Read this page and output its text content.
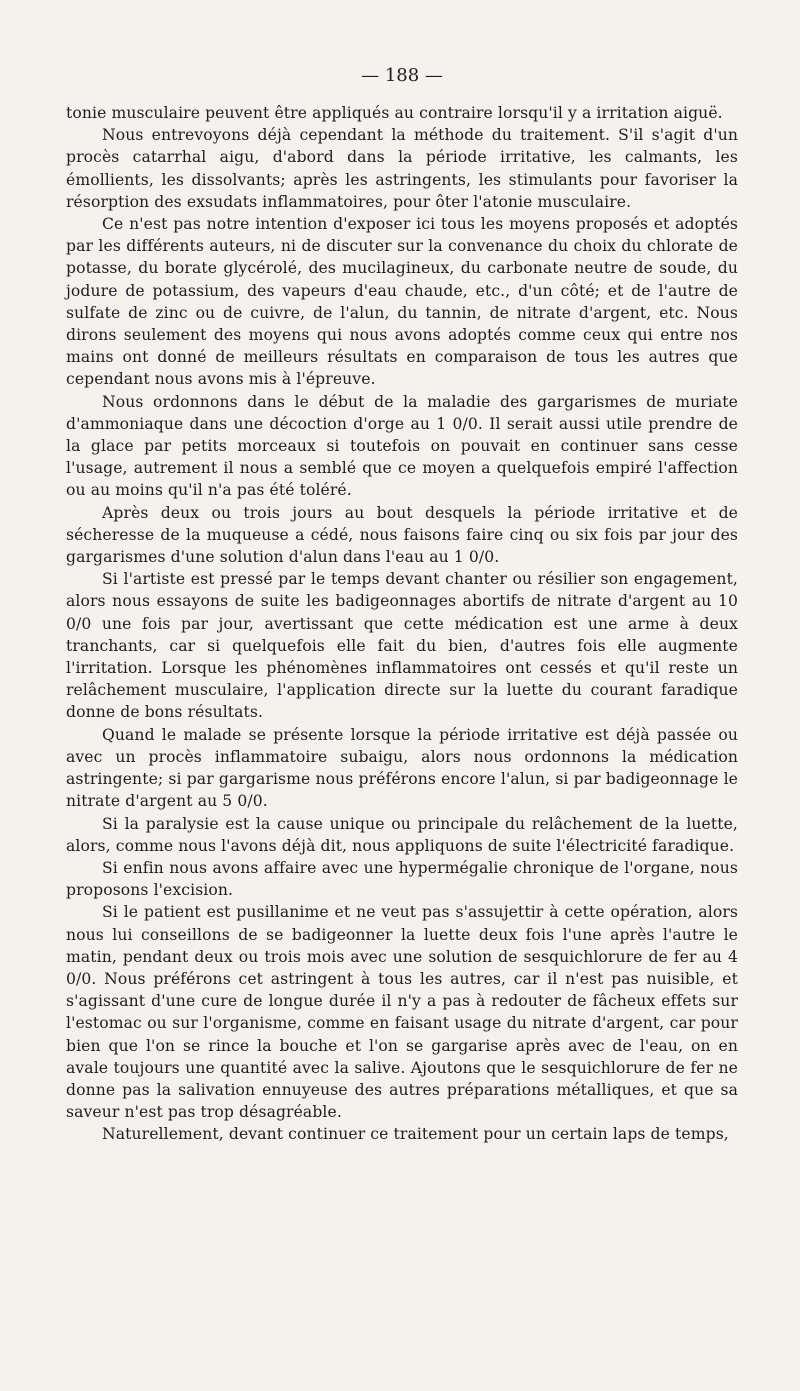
— 188 —

tonie musculaire peuvent être appliqués au contraire lorsqu'il y a irritation aiguë.

Nous entrevoyons déjà cependant la méthode du traitement. S'il s'agit d'un procès catarrhal aigu, d'abord dans la période irritative, les calmants, les émollients, les dissolvants; après les astringents, les stimulants pour favoriser la résorption des exsudats inflammatoires, pour ôter l'atonie musculaire.

Ce n'est pas notre intention d'exposer ici tous les moyens proposés et adoptés par les différents auteurs, ni de discuter sur la convenance du choix du chlorate de potasse, du borate glycérolé, des mucilagineux, du carbonate neutre de soude, du jodure de potassium, des vapeurs d'eau chaude, etc., d'un côté; et de l'autre de sulfate de zinc ou de cuivre, de l'alun, du tannin, de nitrate d'argent, etc. Nous dirons seulement des moyens qui nous avons adoptés comme ceux qui entre nos mains ont donné de meilleurs résultats en comparaison de tous les autres que cependant nous avons mis à l'épreuve.

Nous ordonnons dans le début de la maladie des gargarismes de muriate d'ammoniaque dans une décoction d'orge au 1 0/0. Il serait aussi utile prendre de la glace par petits morceaux si toutefois on pouvait en continuer sans cesse l'usage, autrement il nous a semblé que ce moyen a quelquefois empiré l'affection ou au moins qu'il n'a pas été toléré.

Après deux ou trois jours au bout desquels la période irritative et de sécheresse de la muqueuse a cédé, nous faisons faire cinq ou six fois par jour des gargarismes d'une solution d'alun dans l'eau au 1 0/0.

Si l'artiste est pressé par le temps devant chanter ou résilier son engagement, alors nous essayons de suite les badigeonnages abortifs de nitrate d'argent au 10 0/0 une fois par jour, avertissant que cette médication est une arme à deux tranchants, car si quelquefois elle fait du bien, d'autres fois elle augmente l'irritation. Lorsque les phénomènes inflammatoires ont cessés et qu'il reste un relâchement musculaire, l'application directe sur la luette du courant faradique donne de bons résultats.

Quand le malade se présente lorsque la période irritative est déjà passée ou avec un procès inflammatoire subaigu, alors nous ordonnons la médication astringente; si par gargarisme nous préférons encore l'alun, si par badigeonnage le nitrate d'argent au 5 0/0.

Si la paralysie est la cause unique ou principale du relâchement de la luette, alors, comme nous l'avons déjà dit, nous appliquons de suite l'électricité faradique.

Si enfin nous avons affaire avec une hypermégalie chronique de l'organe, nous proposons l'excision.

Si le patient est pusillanime et ne veut pas s'assujettir à cette opération, alors nous lui conseillons de se badigeonner la luette deux fois l'une après l'autre le matin, pendant deux ou trois mois avec une solution de sesquichlorure de fer au 4 0/0. Nous préférons cet astringent à tous les autres, car il n'est pas nuisible, et s'agissant d'une cure de longue durée il n'y a pas à redouter de fâcheux effets sur l'estomac ou sur l'organisme, comme en faisant usage du nitrate d'argent, car pour bien que l'on se rince la bouche et l'on se gargarise après avec de l'eau, on en avale toujours une quantité avec la salive. Ajoutons que le sesquichlorure de fer ne donne pas la salivation ennuyeuse des autres préparations métalliques, et que sa saveur n'est pas trop désagréable.

Naturellement, devant continuer ce traitement pour un certain laps de temps,
